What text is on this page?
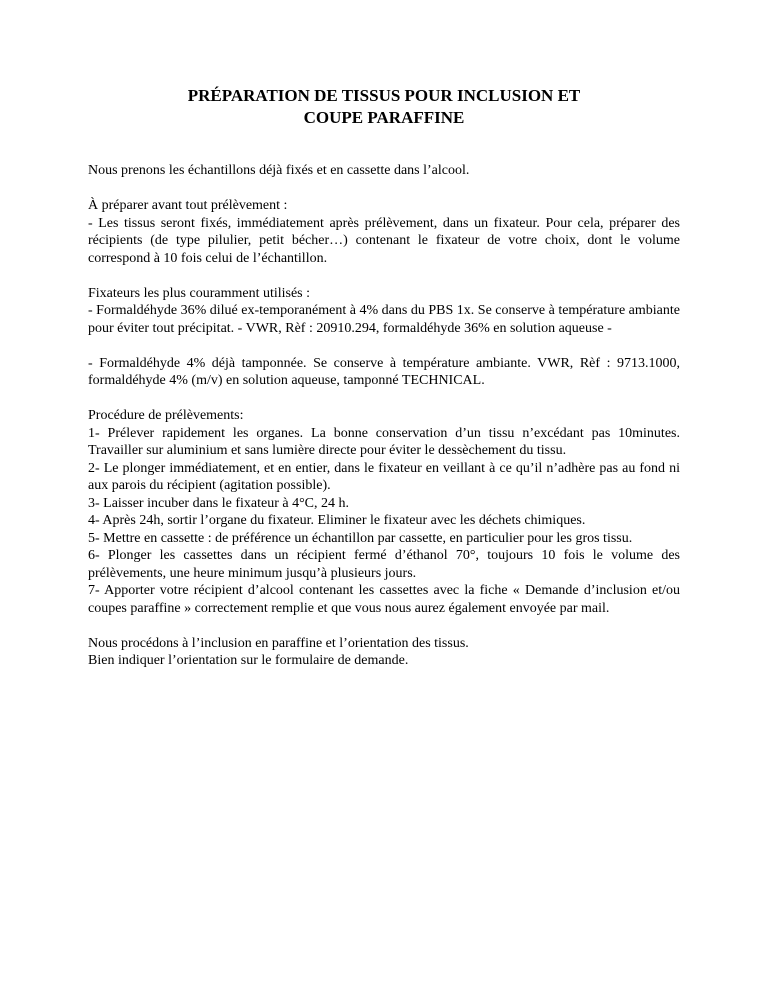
PRÉPARATION DE TISSUS POUR INCLUSION ET
COUPE PARAFFINE
Nous prenons les échantillons déjà fixés et en cassette dans l’alcool.
À préparer avant tout prélèvement :
- Les tissus seront fixés, immédiatement après prélèvement, dans un fixateur. Pour cela, préparer des récipients (de type pilulier, petit bécher…) contenant le fixateur de votre choix, dont le volume correspond à 10 fois celui de l’échantillon.
Fixateurs les plus couramment utilisés :
- Formaldéhyde 36% dilué ex-temporanément à 4% dans du PBS 1x. Se conserve à température ambiante pour éviter tout précipitat. - VWR, Rèf : 20910.294, formaldéhyde 36% en solution aqueuse -
- Formaldéhyde 4% déjà tamponnée. Se conserve à température ambiante. VWR, Rèf : 9713.1000, formaldéhyde 4% (m/v) en solution aqueuse, tamponné TECHNICAL.
Procédure de prélèvements:
1- Prélever rapidement les organes. La bonne conservation d’un tissu n’excédant pas 10minutes. Travailler sur aluminium et sans lumière directe pour éviter le dessèchement du tissu.
2- Le plonger immédiatement, et en entier, dans le fixateur en veillant à ce qu’il n’adhère pas au fond ni aux parois du récipient (agitation possible).
3- Laisser incuber dans le fixateur à 4°C, 24 h.
4- Après 24h, sortir l’organe du fixateur. Eliminer le fixateur avec les déchets chimiques.
5- Mettre en cassette : de préférence un échantillon par cassette, en particulier pour les gros tissu.
6- Plonger les cassettes dans un récipient fermé d’éthanol 70°, toujours 10 fois le volume des prélèvements, une heure minimum jusqu’à plusieurs jours.
7- Apporter votre récipient d’alcool contenant les cassettes avec la fiche « Demande d’inclusion et/ou coupes paraffine » correctement remplie et que vous nous aurez également envoyée par mail.
Nous procédons à l’inclusion en paraffine et l’orientation des tissus.
Bien indiquer l’orientation sur le formulaire de demande.
